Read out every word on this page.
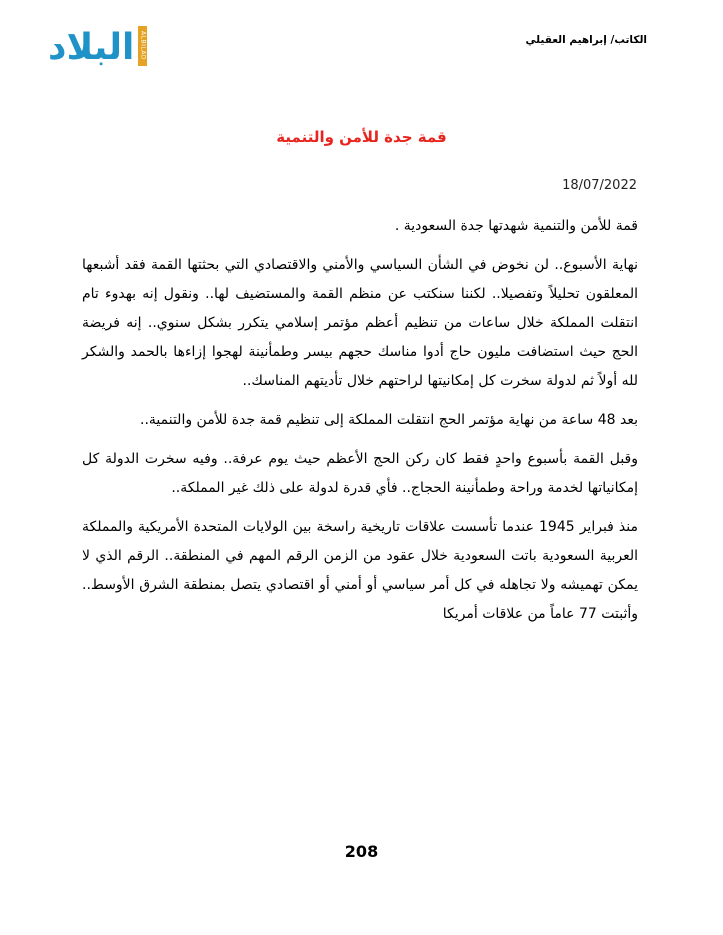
البلاد ALBILAD	الكاتب/ إبراهيم العقيلي
قمة جدة للأمن والتنمية
18/07/2022

قمة للأمن والتنمية شهدتها جدة السعودية .

نهاية الأسبوع.. لن نخوض في الشأن السياسي والأمني والاقتصادي التي بحثتها القمة فقد أشبعها المعلقون تحليلاً وتفصيلا.. لكننا سنكتب عن منظم القمة والمستضيف لها.. ونقول إنه بهدوء تام انتقلت المملكة خلال ساعات من تنظيم أعظم مؤتمر إسلامي يتكرر بشكل سنوي.. إنه فريضة الحج حيث استضافت مليون حاج أدوا مناسك حجهم بيسر وطمأنينة لهجوا إزاءها بالحمد والشكر لله أولاً ثم لدولة سخرت كل إمكانيتها لراحتهم خلال تأديتهم المناسك..

بعد 48 ساعة من نهاية مؤتمر الحج انتقلت المملكة إلى تنظيم قمة جدة للأمن والتنمية..

وقبل القمة بأسبوع واحدٍ فقط كان ركن الحج الأعظم حيث يوم عرفة.. وفيه سخرت الدولة كل إمكانياتها لخدمة وراحة وطمأنينة الحجاج.. فأي قدرة لدولة على ذلك غير المملكة..

منذ فبراير 1945 عندما تأسست علاقات تاريخية راسخة بين الولايات المتحدة الأمريكية والمملكة العربية السعودية باتت السعودية خلال عقود من الزمن الرقم المهم في المنطقة.. الرقم الذي لا يمكن تهميشه ولا تجاهله في كل أمر سياسي أو أمني أو اقتصادي يتصل بمنطقة الشرق الأوسط.. وأثبتت 77 عاماً من علاقات أمريكا

208
